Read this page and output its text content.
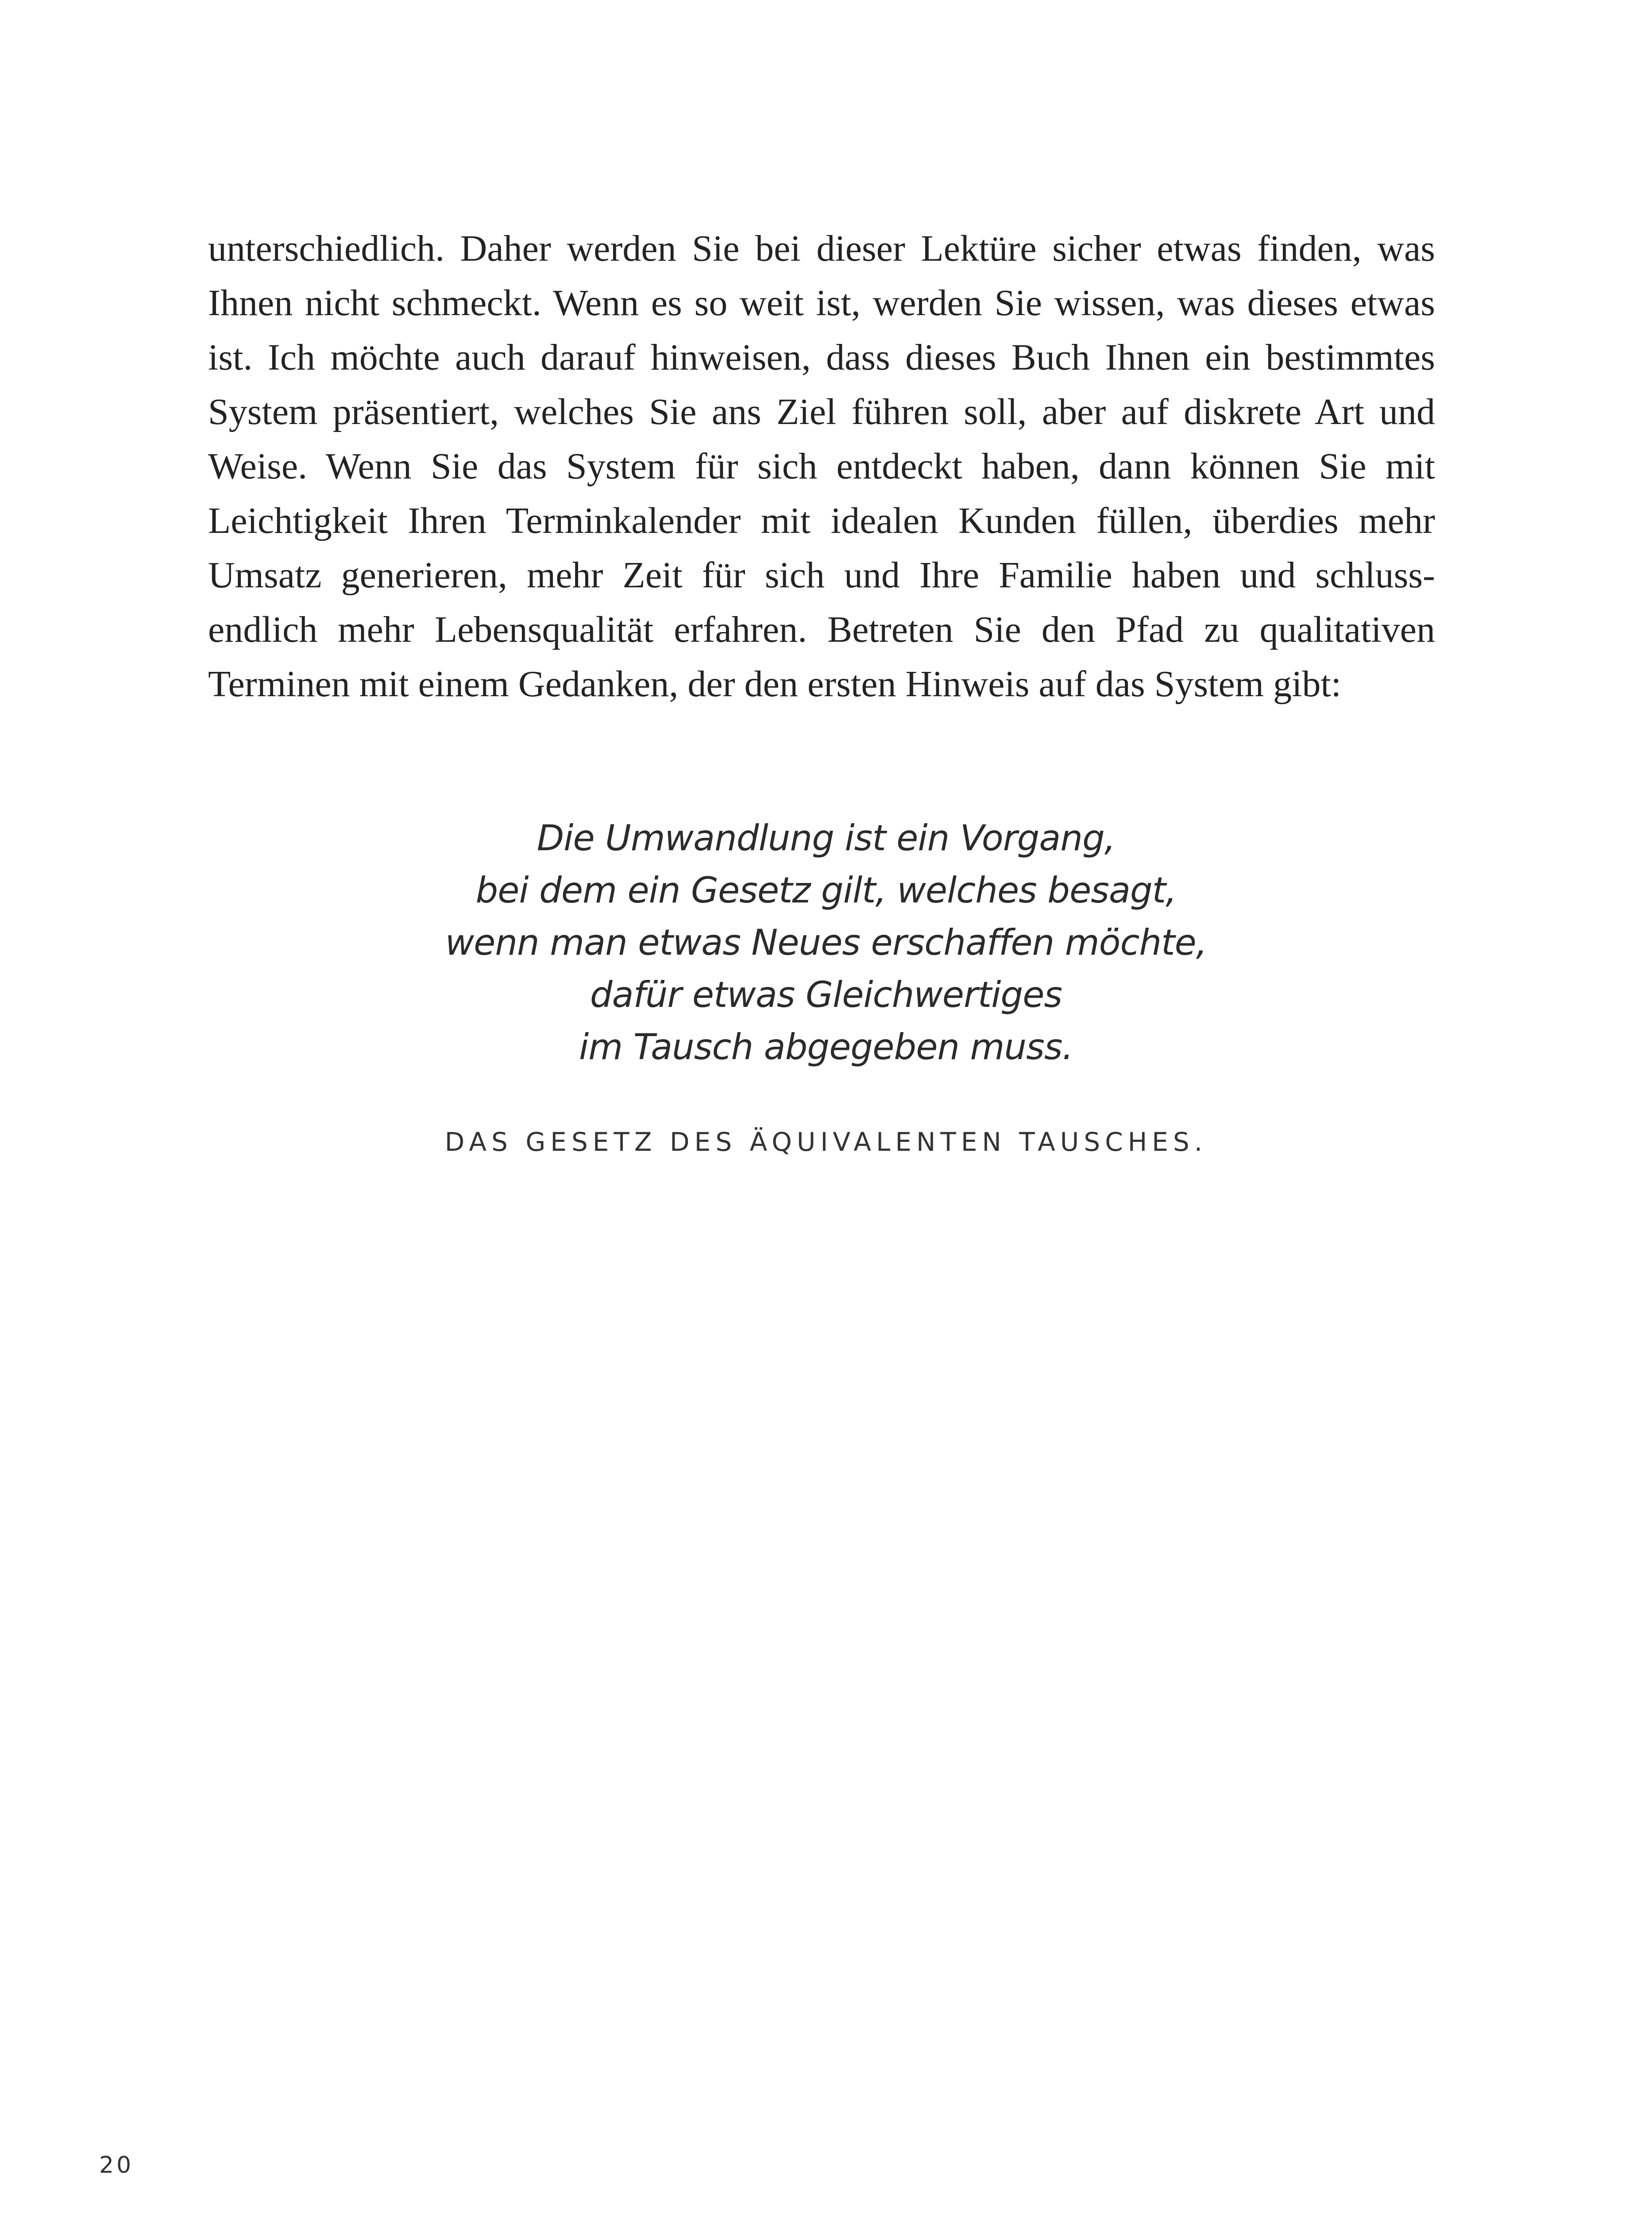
unterschiedlich. Daher werden Sie bei dieser Lektüre sicher etwas finden, was
Ihnen nicht schmeckt. Wenn es so weit ist, werden Sie wissen, was dieses etwas
ist. Ich möchte auch darauf hinweisen, dass dieses Buch Ihnen ein bestimmtes
System präsentiert, welches Sie ans Ziel führen soll, aber auf diskrete Art und
Weise. Wenn Sie das System für sich entdeckt haben, dann können Sie mit
Leichtigkeit Ihren Terminkalender mit idealen Kunden füllen, überdies mehr
Umsatz generieren, mehr Zeit für sich und Ihre Familie haben und schluss-
endlich mehr Lebensqualität erfahren. Betreten Sie den Pfad zu qualitativen
Terminen mit einem Gedanken, der den ersten Hinweis auf das System gibt:
Die Umwandlung ist ein Vorgang,
bei dem ein Gesetz gilt, welches besagt,
wenn man etwas Neues erschaffen möchte,
dafür etwas Gleichwertiges
im Tausch abgegeben muss.
DAS GESETZ DES ÄQUIVALENTEN TAUSCHES.
20
